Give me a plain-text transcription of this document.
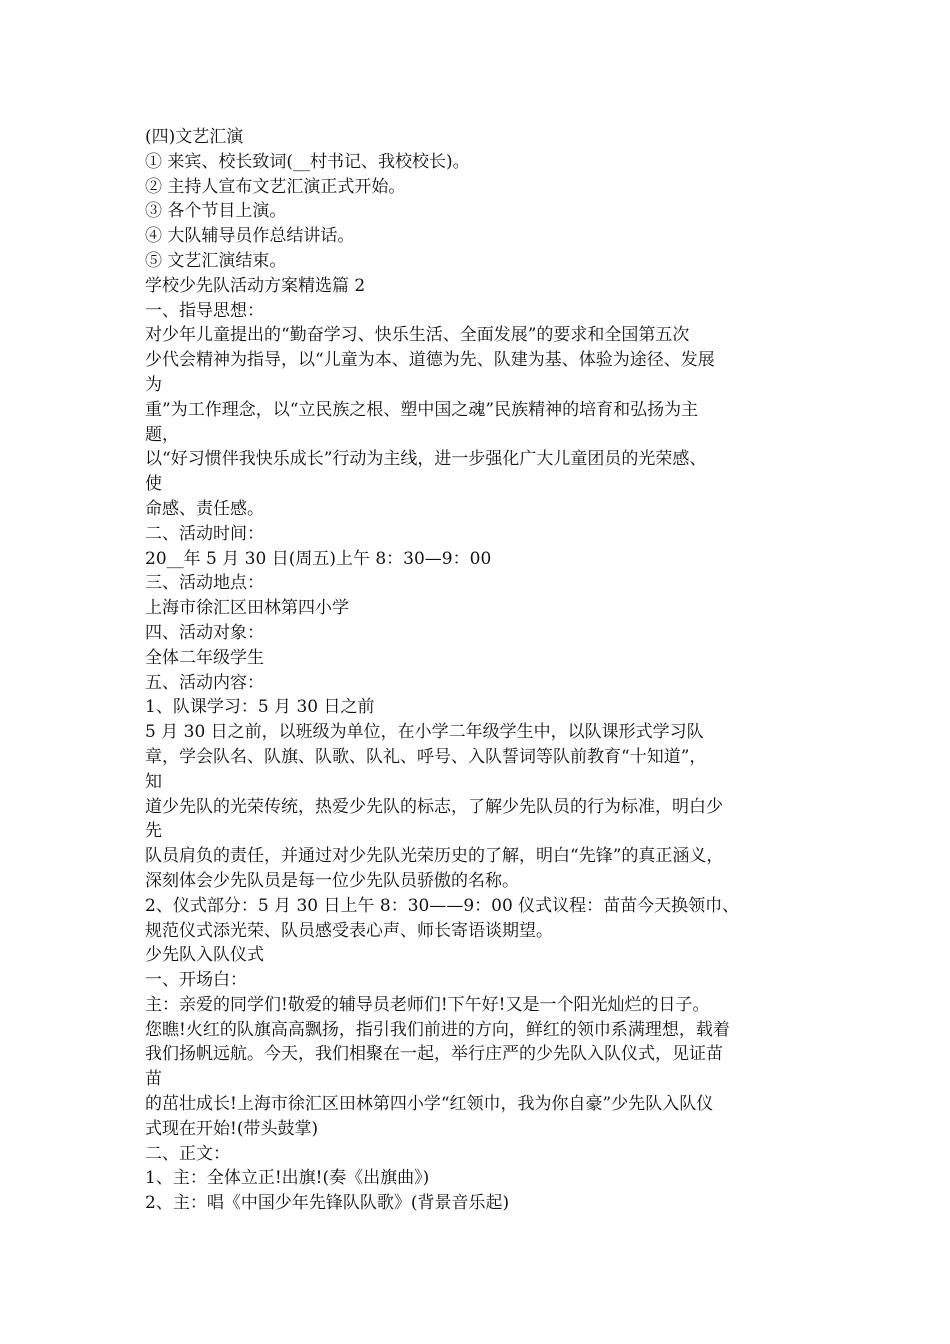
(四)文艺汇演

① 来宾、校长致词(__村书记、我校校长)。

② 主持人宣布文艺汇演正式开始。

③ 各个节目上演。

④ 大队辅导员作总结讲话。

⑤ 文艺汇演结束。

学校少先队活动方案精选篇 2

一、指导思想：

对少年儿童提出的“勤奋学习、快乐生活、全面发展”的要求和全国第五次

少代会精神为指导，以“儿童为本、道德为先、队建为基、体验为途径、发展

为

重”为工作理念，以“立民族之根、塑中国之魂”民族精神的培育和弘扬为主

题，

以“好习惯伴我快乐成长”行动为主线，进一步强化广大儿童团员的光荣感、

使

命感、责任感。

二、活动时间：

20__年 5 月 30 日(周五)上午 8：30—9：00

三、活动地点：

上海市徐汇区田林第四小学

四、活动对象：

全体二年级学生

五、活动内容：

1、队课学习：5 月 30 日之前

5 月 30 日之前，以班级为单位，在小学二年级学生中，以队课形式学习队

章，学会队名、队旗、队歌、队礼、呼号、入队誓词等队前教育“十知道”，

知

道少先队的光荣传统，热爱少先队的标志，了解少先队员的行为标准，明白少

先

队员肩负的责任，并通过对少先队光荣历史的了解，明白“先锋”的真正涵义，

深刻体会少先队员是每一位少先队员骄傲的名称。

2、仪式部分：5 月 30 日上午 8：30——9：00 仪式议程：苗苗今天换领巾、

规范仪式添光荣、队员感受表心声、师长寄语谈期望。

少先队入队仪式

一、开场白：

主：亲爱的同学们!敬爱的辅导员老师们!下午好!又是一个阳光灿烂的日子。

您瞧!火红的队旗高高飘扬，指引我们前进的方向，鲜红的领巾系满理想，载着

我们扬帆远航。今天，我们相聚在一起，举行庄严的少先队入队仪式，见证苗

苗

的茁壮成长!上海市徐汇区田林第四小学“红领巾，我为你自豪”少先队入队仪

式现在开始!(带头鼓掌)

二、正文：

1、主：全体立正!出旗!(奏《出旗曲》)

2、主：唱《中国少年先锋队队歌》(背景音乐起)
